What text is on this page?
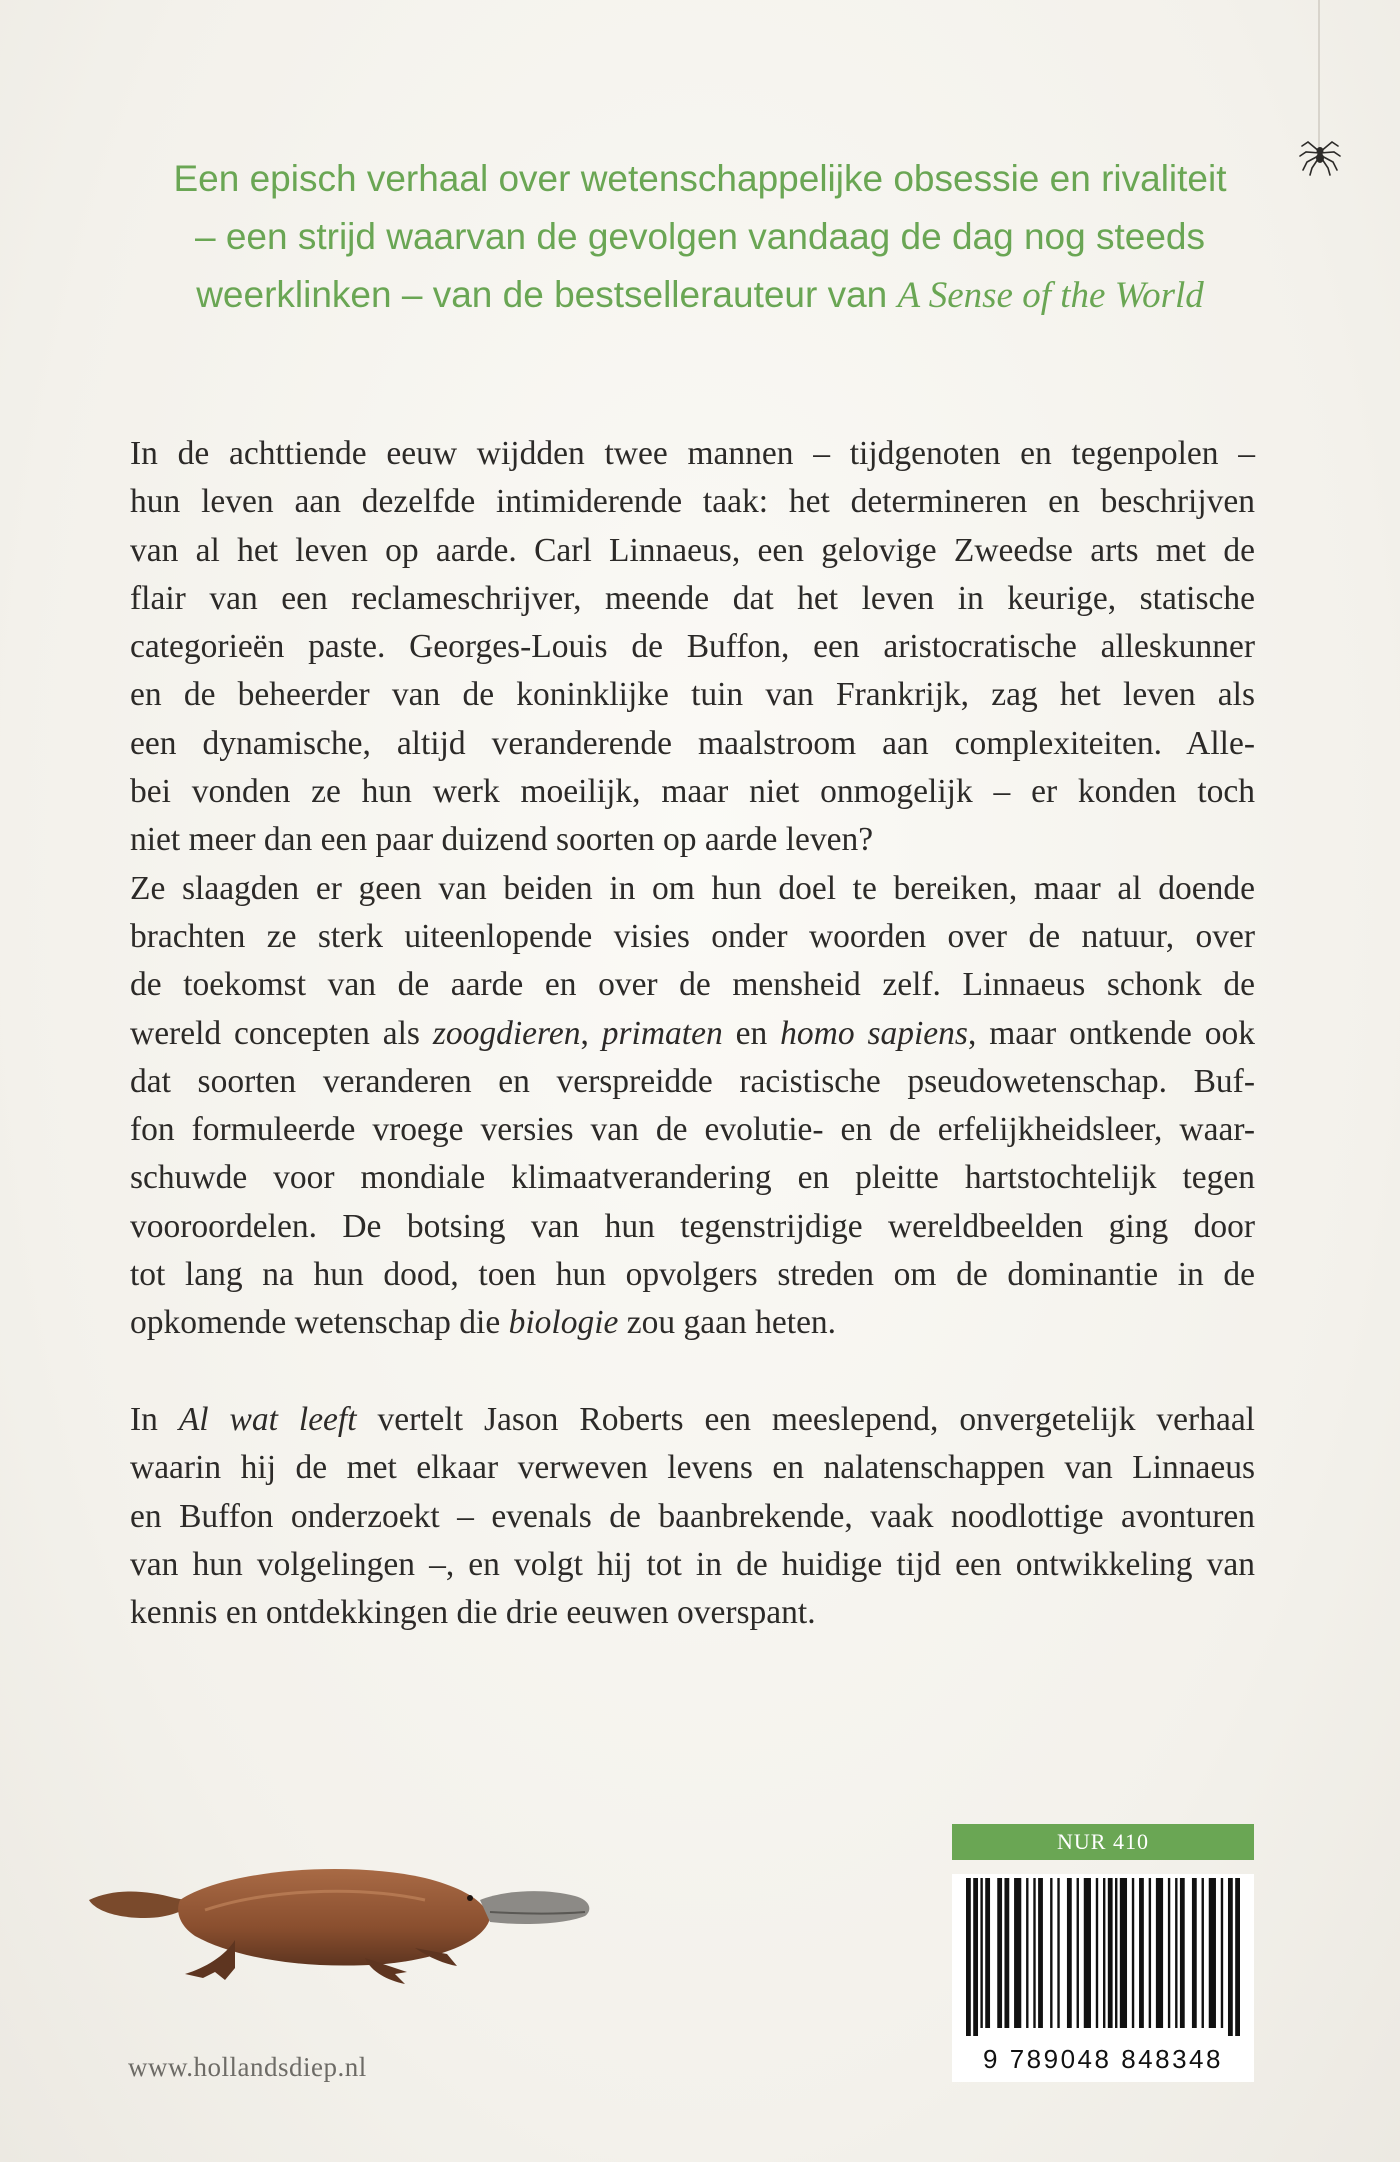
Een episch verhaal over wetenschappelijke obsessie en rivaliteit
– een strijd waarvan de gevolgen vandaag de dag nog steeds
weerklinken – van de bestsellerauteur van A Sense of the World
In de achttiende eeuw wijdden twee mannen – tijdgenoten en tegenpolen –
hun leven aan dezelfde intimiderende taak: het determineren en beschrijven
van al het leven op aarde. Carl Linnaeus, een gelovige Zweedse arts met de
flair van een reclameschrijver, meende dat het leven in keurige, statische
categorieën paste. Georges-Louis de Buffon, een aristocratische alleskunner
en de beheerder van de koninklijke tuin van Frankrijk, zag het leven als
een dynamische, altijd veranderende maalstroom aan complexiteiten. Alle-
bei vonden ze hun werk moeilijk, maar niet onmogelijk – er konden toch
niet meer dan een paar duizend soorten op aarde leven?
Ze slaagden er geen van beiden in om hun doel te bereiken, maar al doende
brachten ze sterk uiteenlopende visies onder woorden over de natuur, over
de toekomst van de aarde en over de mensheid zelf. Linnaeus schonk de
wereld concepten als zoogdieren, primaten en homo sapiens, maar ontkende ook
dat soorten veranderen en verspreidde racistische pseudowetenschap. Buf-
fon formuleerde vroege versies van de evolutie- en de erfelijkheidsleer, waar-
schuwde voor mondiale klimaatverandering en pleitte hartstochtelijk tegen
vooroordelen. De botsing van hun tegenstrijdige wereldbeelden ging door
tot lang na hun dood, toen hun opvolgers streden om de dominantie in de
opkomende wetenschap die biologie zou gaan heten.
In Al wat leeft vertelt Jason Roberts een meeslepend, onvergetelijk verhaal
waarin hij de met elkaar verweven levens en nalatenschappen van Linnaeus
en Buffon onderzoekt – evenals de baanbrekende, vaak noodlottige avonturen
van hun volgelingen –, en volgt hij tot in de huidige tijd een ontwikkeling van
kennis en ontdekkingen die drie eeuwen overspant.
NUR 410
9 789048 848348
www.hollandsdiep.nl
